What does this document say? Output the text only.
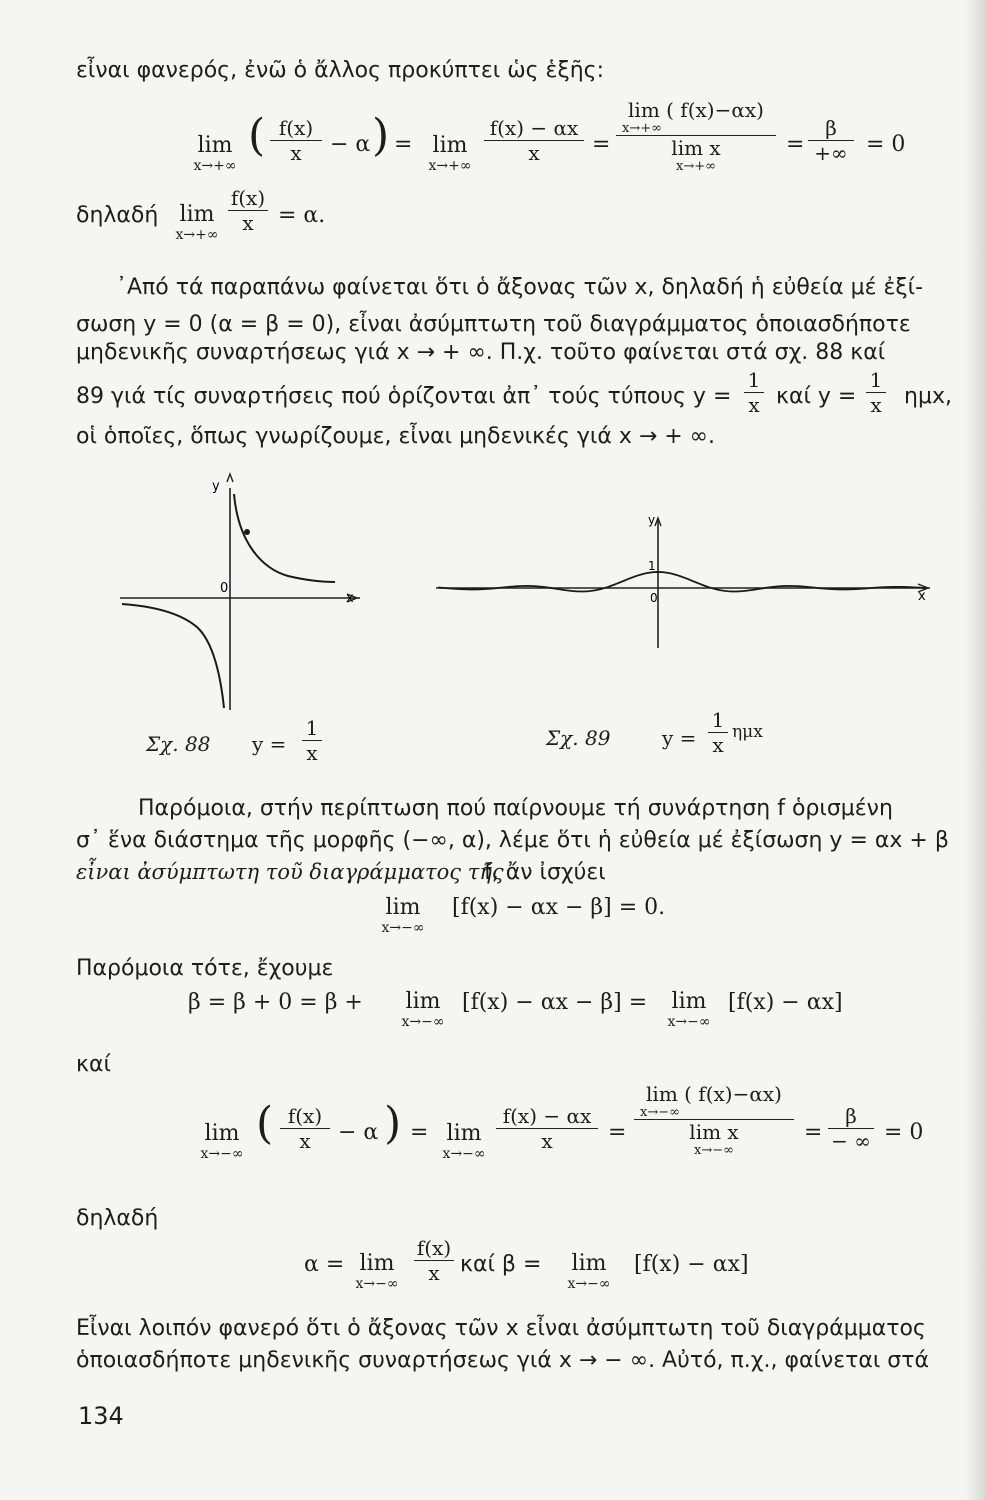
εἶναι φανερός, ἐνῶ ὁ ἄλλος προκύπτει ὡς ἑξῆς:
lim
x→+∞
( f(x)
x	− α ) = lim
x→+∞
f(x) − αx
x	=
lim ( f(x)−αx)
x→+∞
lim x
x→+∞
=
β
+∞ = 0
δηλαδή lim
x→+∞
f(x)
x	= α.
᾿Από τά παραπάνω φαίνεται ὅτι ὁ ἄξονας τῶν x, δηλαδή ἡ εὐθεία μέ ἐξί-
σωση y = 0 (α = β = 0), εἶναι ἀσύμπτωτη τοῦ διαγράμματος ὁποιασδήποτε
μηδενικῆς συναρτήσεως γιά x → + ∞. Π.χ. τοῦτο φαίνεται στά σχ. 88 καί
89 γιά τίς συναρτήσεις πού ὁρίζονται ἀπ᾿ τούς τύπους y =
1
x καί y =
1
x ημx,
οἱ ὁποῖες, ὅπως γνωρίζουμε, εἶναι μηδενικές γιά x → + ∞.
y
0
x
y
1
0	x
Σχ. 88 y =
1
x
Σχ. 89	y =
1
x
ημx
Παρόμοια, στήν περίπτωση πού παίρνουμε τή συνάρτηση f ὁρισμένη
σ᾿ ἕνα διάστημα τῆς μορφῆς (−∞, α), λέμε ὅτι ἡ εὐθεία μέ ἐξίσωση y = αx + β
εἶναι ἀσύμπτωτη τοῦ διαγράμματος τῆς
f, ἄν ἰσχύει
lim
x→−∞
[f(x) − αx − β] = 0.
Παρόμοια τότε, ἔχουμε
β = β + 0 = β +	lim
x→−∞
[f(x) − αx − β] =	lim
x→−∞
[f(x) − αx]
καί
lim
x→−∞
( f(x)
x	− α ) = lim
x→−∞
f(x) − αx
x	=
lim ( f(x)−αx)
x→−∞
lim x
x→−∞
=
β
− ∞ = 0
δηλαδή
α = lim
x→−∞
f(x)
x καί β =	lim
x→−∞
[f(x) − αx]
Εἶναι λοιπόν φανερό ὅτι ὁ ἄξονας τῶν x εἶναι ἀσύμπτωτη τοῦ διαγράμματος
ὁποιασδήποτε μηδενικῆς συναρτήσεως γιά x → − ∞. Αὐτό, π.χ., φαίνεται στά
134
